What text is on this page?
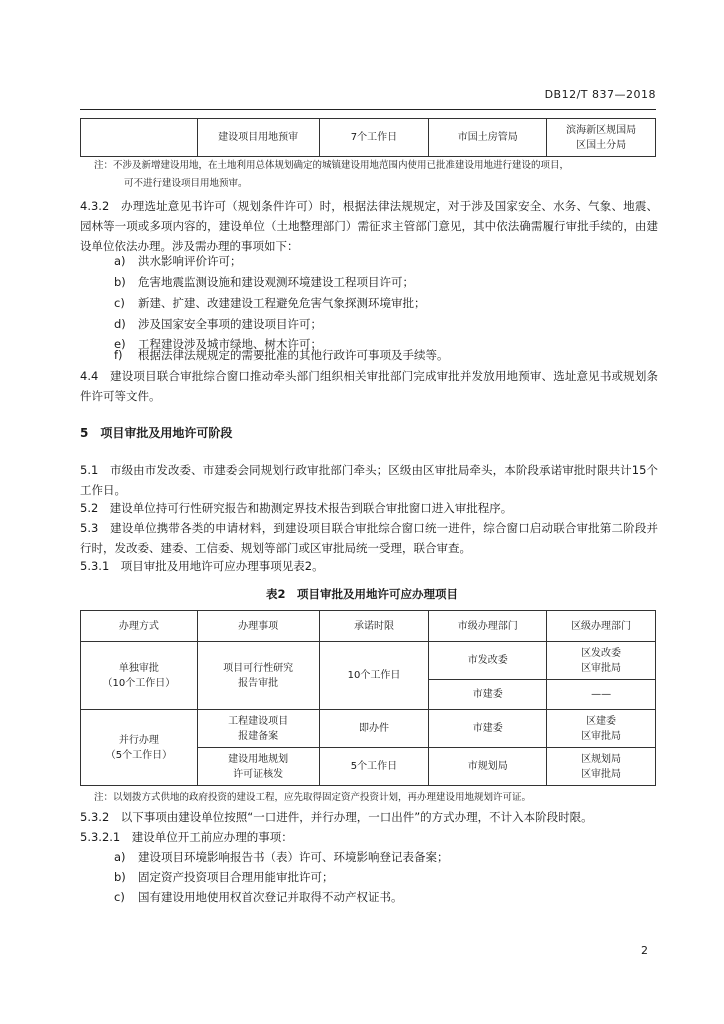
DB12/T 837—2018
	建设项目用地预审	7个工作日	市国土房管局	滨海新区规国局
区国土分局
注：不涉及新增建设用地，在土地利用总体规划确定的城镇建设用地范围内使用已批准建设用地进行建设的项目，
可不进行建设项目用地预审。
4.3.2　办理选址意见书许可（规划条件许可）时，根据法律法规规定，对于涉及国家安全、水务、气象、地震、园林等一项或多项内容的，建设单位（土地整理部门）需征求主管部门意见，其中依法确需履行审批手续的，由建设单位依法办理。涉及需办理的事项如下：
a) 洪水影响评价许可；
b) 危害地震监测设施和建设观测环境建设工程项目许可；
c) 新建、扩建、改建建设工程避免危害气象探测环境审批；
d) 涉及国家安全事项的建设项目许可；
e) 工程建设涉及城市绿地、树木许可；
f) 根据法律法规规定的需要批准的其他行政许可事项及手续等。
4.4　建设项目联合审批综合窗口推动牵头部门组织相关审批部门完成审批并发放用地预审、选址意见书或规划条件许可等文件。
5　项目审批及用地许可阶段
5.1　市级由市发改委、市建委会同规划行政审批部门牵头；区级由区审批局牵头，本阶段承诺审批时限共计15个工作日。
5.2　建设单位持可行性研究报告和勘测定界技术报告到联合审批窗口进入审批程序。
5.3　建设单位携带各类的申请材料，到建设项目联合审批综合窗口统一进件，综合窗口启动联合审批第二阶段并行时，发改委、建委、工信委、规划等部门或区审批局统一受理，联合审查。
5.3.1　项目审批及用地许可应办理事项见表2。
表2　项目审批及用地许可应办理项目
办理方式	办理事项	承诺时限	市级办理部门	区级办理部门
单独审批
（10个工作日）	项目可行性研究
报告审批	10个工作日	市发改委	区发改委
区审批局
			市建委	——
并行办理
（5个工作日）	工程建设项目
报建备案	即办件	市建委	区建委
区审批局
	建设用地规划
许可证核发	5个工作日	市规划局	区规划局
区审批局
注：以划拨方式供地的政府投资的建设工程，应先取得固定资产投资计划，再办理建设用地规划许可证。
5.3.2　以下事项由建设单位按照“一口进件，并行办理，一口出件”的方式办理，不计入本阶段时限。
5.3.2.1　建设单位开工前应办理的事项：
a) 建设项目环境影响报告书（表）许可、环境影响登记表备案；
b) 固定资产投资项目合理用能审批许可；
c) 国有建设用地使用权首次登记并取得不动产权证书。
2
